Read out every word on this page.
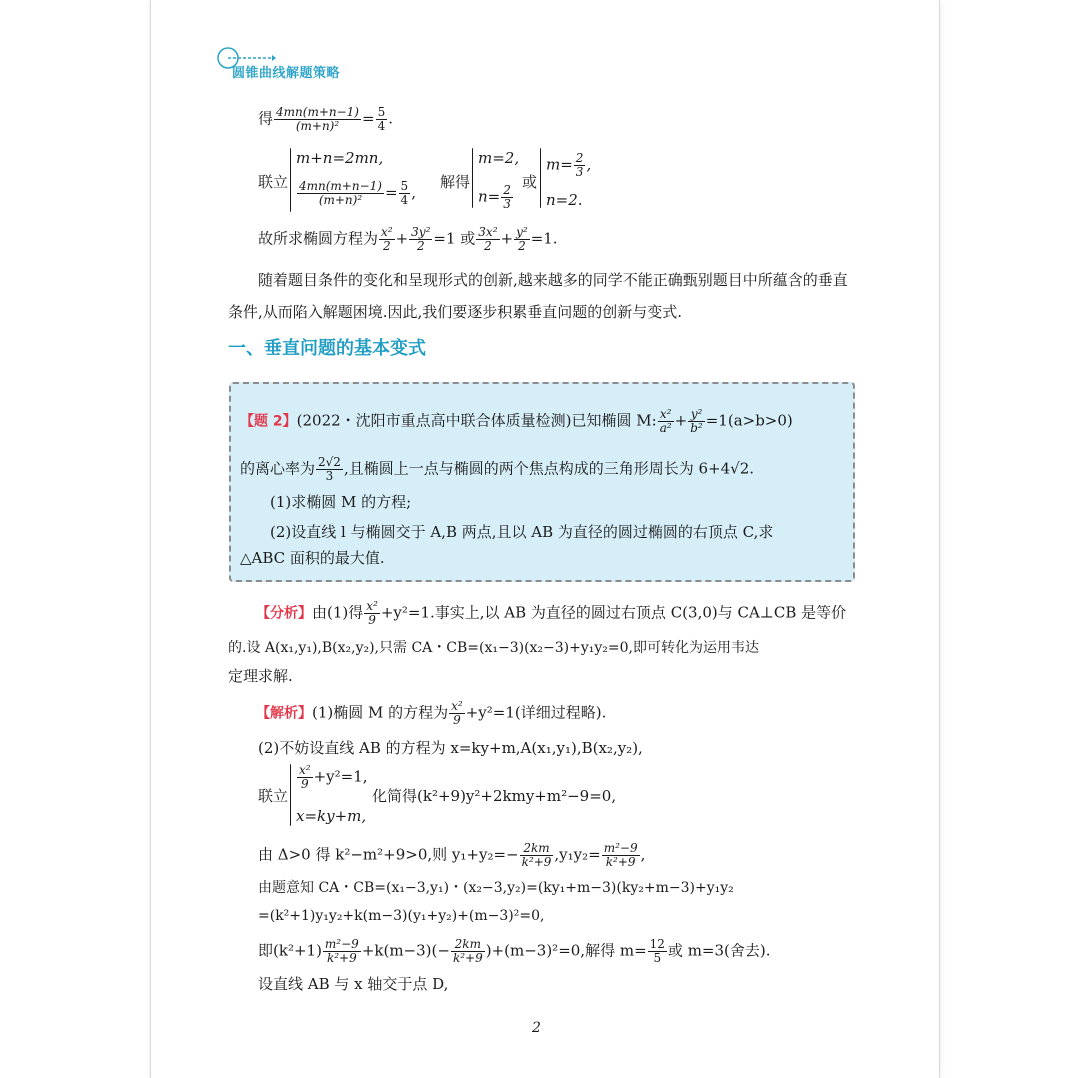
圆锥曲线解题策略
得 $\frac{4mn(m+n-1)}{\text{(m+n)²}} = \frac{5}{4}$ .
联立
m+n=2mn,
$\frac{4mn(m+n-1)}{\text{(m+n)²}} = \frac{5}{4}$ ,
解得
m=2,
$n= \frac{2}{3}$
或
$m= \frac{2}{3}$ ,
n=2.
故所求椭圆方程为 $\frac{\text{x²}}{2} + \frac{\text{3y²}}{2} =1$ 或 $\frac{\text{3x²}}{2} + \frac{\text{y²}}{2} =1$.
随着题目条件的变化和呈现形式的创新,越来越多的同学不能正确甄别题目中所蕴含的垂直条件,从而陷入解题困境.因此,我们要逐步积累垂直问题的创新与变式.
一、垂直问题的基本变式
【题 2】(2022・沈阳市重点高中联合体质量检测)已知椭圆 M: $\frac{\text{x²}}{\text{a²}} + \frac{\text{y²}}{\text{b²}} =1(a>b>0)$
的离心率为 $\frac{2√2}{3}$ ,且椭圆上一点与椭圆的两个焦点构成的三角形周长为 6+4√2.
(1)求椭圆 M 的方程;
(2)设直线 l 与椭圆交于 A,B 两点,且以 AB 为直径的圆过椭圆的右顶点 C,求
△ABC 面积的最大值.
【分析】由(1)得 $\frac{\text{x²}}{9} +y^2=1$.事实上,以 AB 为直径的圆过右顶点 C(3,0)与 CA⊥CB 是等价
的.设 A(x₁,y₁),B(x₂,y₂),只需 CA・CB=(x₁−3)(x₂−3)+y₁y₂=0,即可转化为运用韦达
定理求解.
【解析】(1)椭圆 M 的方程为 $\frac{\text{x²}}{9} +y^2=1$(详细过程略).
(2)不妨设直线 AB 的方程为 x=ky+m,A(x₁,y₁),B(x₂,y₂),
联立
$\frac{\text{x²}}{9} +y^2=1$,
x=ky+m,
化简得(k²+9)y²+2kmy+m²−9=0,
由 Δ>0 得 k²−m²+9>0,则 $y_1+y_2=- \frac{2km}{\text{k²+9}} ,y_1y_2= \frac{\text{m²−9}}{\text{k²+9}}$ ,
由题意知 CA・CB=(x₁−3,y₁)・(x₂−3,y₂)=(ky₁+m−3)(ky₂+m−3)+y₁y₂
=(k²+1)y₁y₂+k(m−3)(y₁+y₂)+(m−3)²=0,
即$(k^2+1) \frac{\text{m²−9}}{\text{k²+9}} +k(m-3)(- \frac{2km}{\text{k²+9}} )+(m-3)^2=0$,解得 $m= \frac{12}{5}$ 或 m=3(舍去).
设直线 AB 与 x 轴交于点 D,
2
